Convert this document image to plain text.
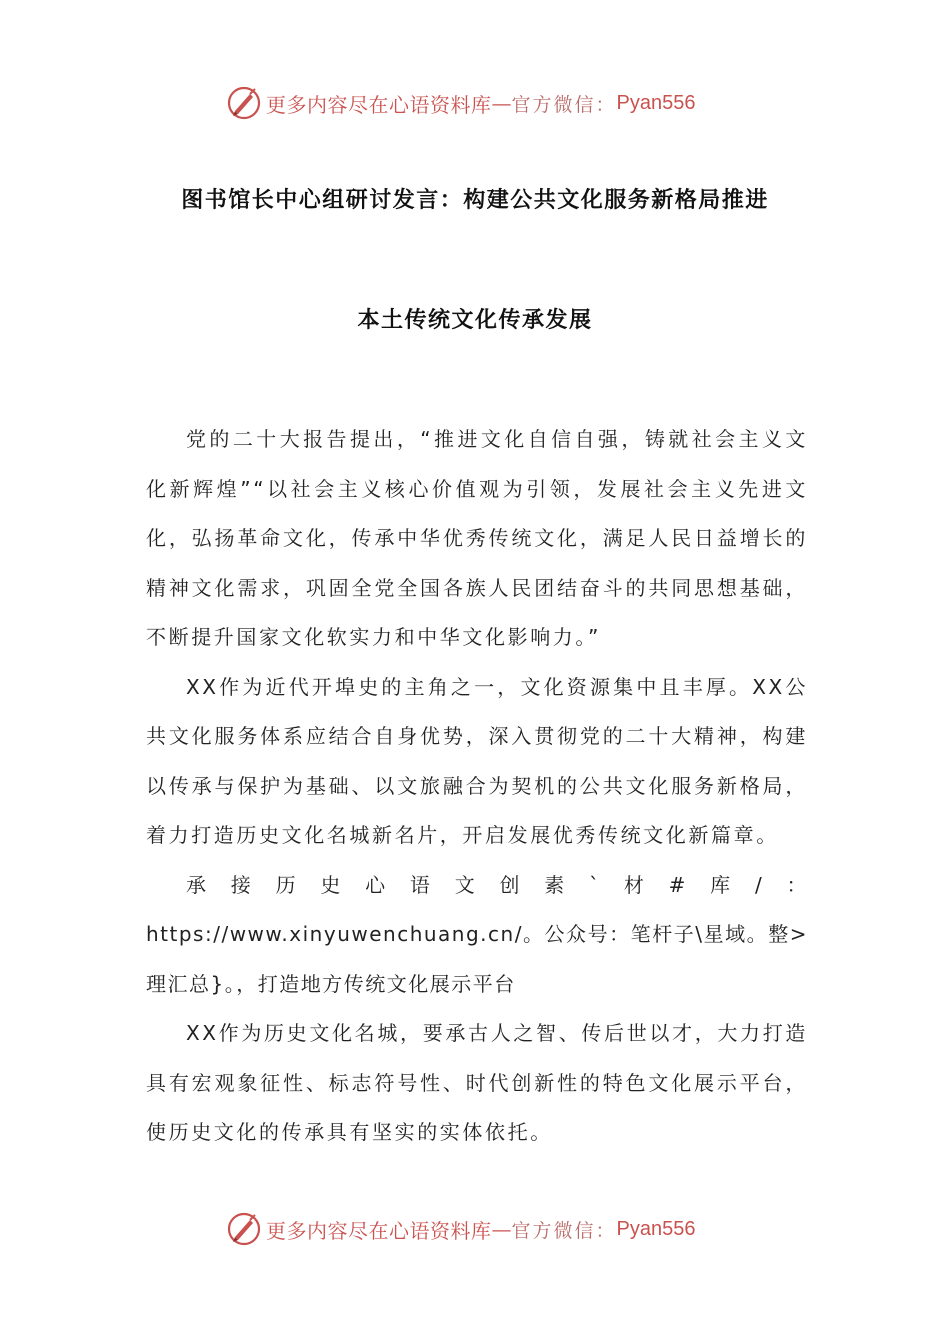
更多内容尽在心语资料库 — 官方微信： Pyan556
图书馆长中心组研讨发言：构建公共文化服务新格局推进
本土传统文化传承发展

党的二十大报告提出，“推进文化自信自强，铸就社会主义文化新辉煌”“以社会主义核心价值观为引领，发展社会主义先进文化，弘扬革命文化，传承中华优秀传统文化，满足人民日益增长的精神文化需求，巩固全党全国各族人民团结奋斗的共同思想基础，不断提升国家文化软实力和中华文化影响力。”

XX作为近代开埠史的主角之一，文化资源集中且丰厚。XX公共文化服务体系应结合自身优势，深入贯彻党的二十大精神，构建以传承与保护为基础、以文旅融合为契机的公共文化服务新格局，着力打造历史文化名城新名片，开启发展优秀传统文化新篇章。

承接历史心语文创素`材#库/：https://www.xinyuwenchuang.cn/。公众号：笔杆子\星域。整>理汇总}。，打造地方传统文化展示平台

XX作为历史文化名城，要承古人之智、传后世以才，大力打造具有宏观象征性、标志符号性、时代创新性的特色文化展示平台，使历史文化的传承具有坚实的实体依托。

更多内容尽在心语资料库 — 官方微信： Pyan556
